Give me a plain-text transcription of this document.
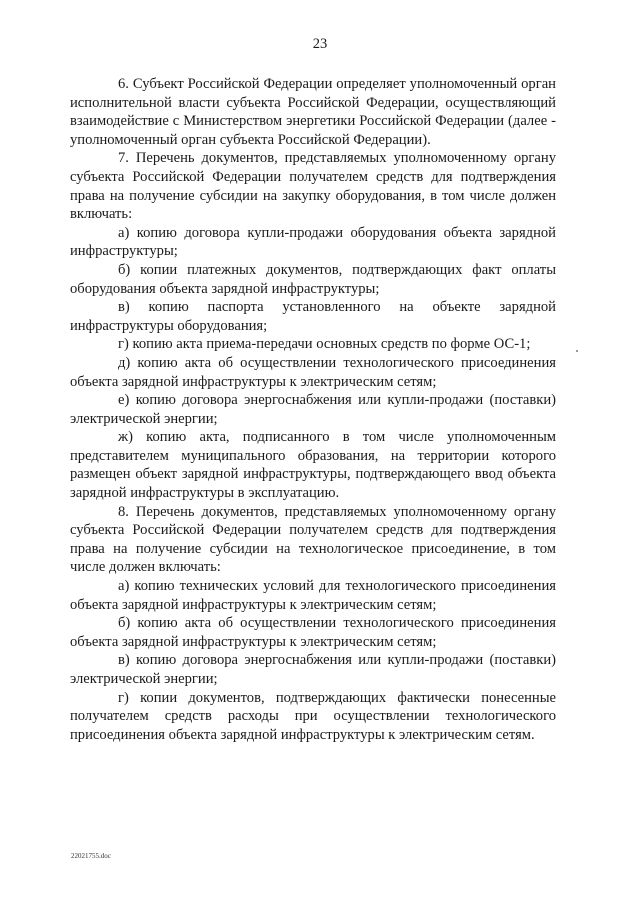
23

6. Субъект Российской Федерации определяет уполномоченный орган исполнительной власти субъекта Российской Федерации, осуществляющий взаимодействие с Министерством энергетики Российской Федерации (далее - уполномоченный орган субъекта Российской Федерации).

7. Перечень документов, представляемых уполномоченному органу субъекта Российской Федерации получателем средств для подтверждения права на получение субсидии на закупку оборудования, в том числе должен включать:

а) копию договора купли-продажи оборудования объекта зарядной инфраструктуры;

б) копии платежных документов, подтверждающих факт оплаты оборудования объекта зарядной инфраструктуры;

в) копию паспорта установленного на объекте зарядной инфраструктуры оборудования;

г) копию акта приема-передачи основных средств по форме ОС-1;

д) копию акта об осуществлении технологического присоединения объекта зарядной инфраструктуры к электрическим сетям;

е) копию договора энергоснабжения или купли-продажи (поставки) электрической энергии;

ж) копию акта, подписанного в том числе уполномоченным представителем муниципального образования, на территории которого размещен объект зарядной инфраструктуры, подтверждающего ввод объекта зарядной инфраструктуры в эксплуатацию.

8. Перечень документов, представляемых уполномоченному органу субъекта Российской Федерации получателем средств для подтверждения права на получение субсидии на технологическое присоединение, в том числе должен включать:

а) копию технических условий для технологического присоединения объекта зарядной инфраструктуры к электрическим сетям;

б) копию акта об осуществлении технологического присоединения объекта зарядной инфраструктуры к электрическим сетям;

в) копию договора энергоснабжения или купли-продажи (поставки) электрической энергии;

г) копии документов, подтверждающих фактически понесенные получателем средств расходы при осуществлении технологического присоединения объекта зарядной инфраструктуры к электрическим сетям.

22021755.doc
